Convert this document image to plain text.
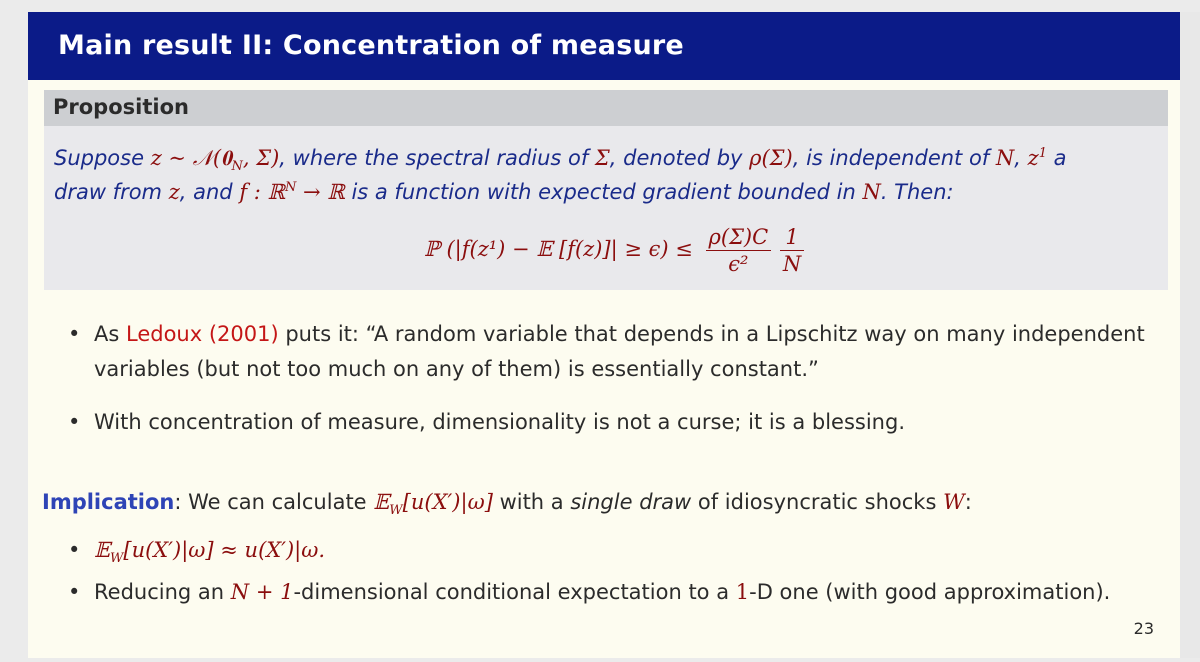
Main result II: Concentration of measure
Proposition
Suppose z ∼ $𝒩(𝟎_N$, Σ), where the spectral radius of Σ, denoted by ρ(Σ), is independent of N, $z^1$ a
draw from z, and f : ℝ$^N$ → ℝ is a function with expected gradient bounded in N. Then:
ℙ (|f(z¹) − 𝔼 $[f(z)]| \ge \epsilon) \le \frac{\rho(\Sigma)C}{\text{ϵ²}}$
$\frac{1}{N}$
• As Ledoux (2001) puts it: “A random variable that depends in a Lipschitz way on many independent
variables (but not too much on any of them) is essentially constant.”
• With concentration of measure, dimensionality is not a curse; it is a blessing.
Implication: We can calculate 𝔼$_W$[u(X′)|ω] with a single draw of idiosyncratic shocks W:
• 𝔼$_W$[u(X′)|ω] ≈ u(X′)|ω.
• Reducing an N + 1-dimensional conditional expectation to a 1-D one (with good approximation).
23
